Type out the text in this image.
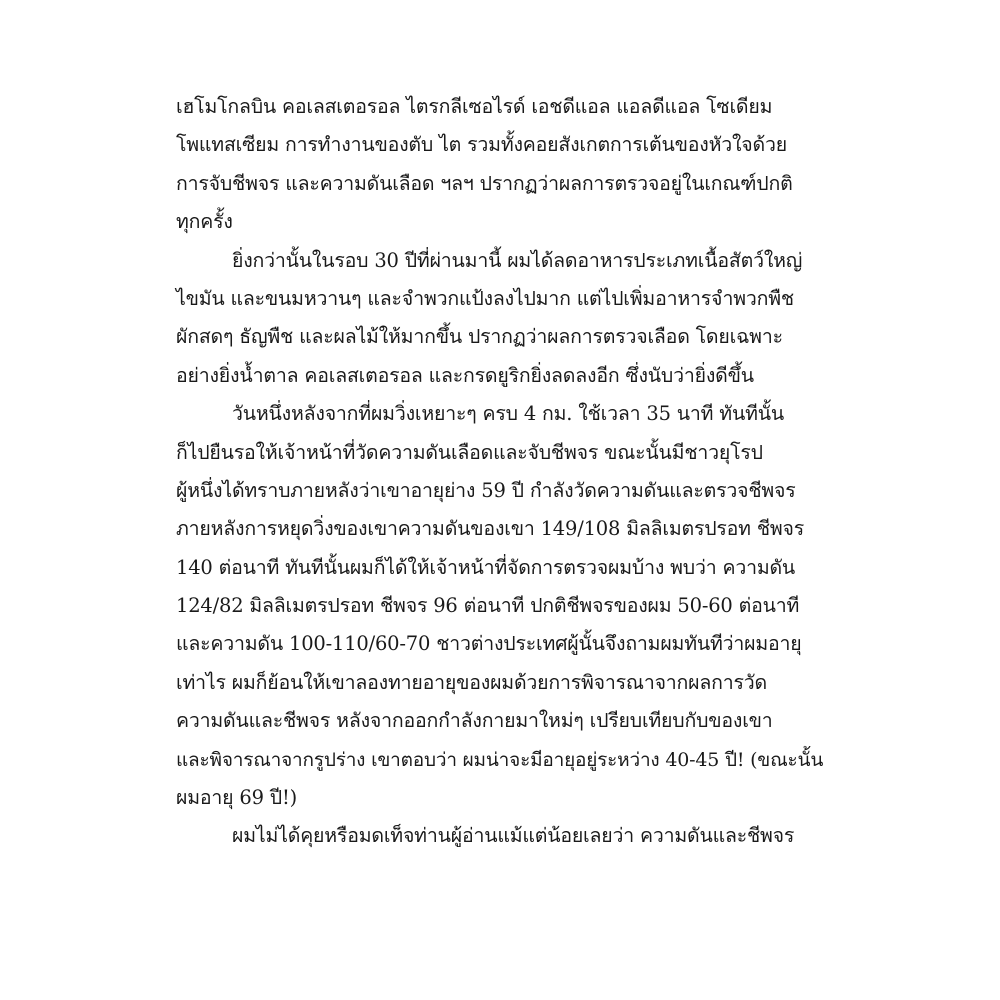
เฮโมโกลบิน คอเลสเตอรอล ไตรกลีเซอไรด์ เอชดีแอล แอลดีแอล โซเดียม
โพแทสเซียม การทำงานของตับ ไต รวมทั้งคอยสังเกตการเต้นของหัวใจด้วย
การจับชีพจร และความดันเลือด ฯลฯ ปรากฏว่าผลการตรวจอยู่ในเกณฑ์ปกติ
ทุกครั้ง
ยิ่งกว่านั้นในรอบ 30 ปีที่ผ่านมานี้ ผมได้ลดอาหารประเภทเนื้อสัตว์ใหญ่
ไขมัน และขนมหวานๆ และจำพวกแป้งลงไปมาก แต่ไปเพิ่มอาหารจำพวกพืช
ผักสดๆ ธัญพืช และผลไม้ให้มากขึ้น ปรากฏว่าผลการตรวจเลือด โดยเฉพาะ
อย่างยิ่งน้ำตาล คอเลสเตอรอล และกรดยูริกยิ่งลดลงอีก ซึ่งนับว่ายิ่งดีขึ้น
วันหนึ่งหลังจากที่ผมวิ่งเหยาะๆ ครบ 4 กม. ใช้เวลา 35 นาที ทันทีนั้น
ก็ไปยืนรอให้เจ้าหน้าที่วัดความดันเลือดและจับชีพจร ขณะนั้นมีชาวยุโรป
ผู้หนึ่งได้ทราบภายหลังว่าเขาอายุย่าง 59 ปี กำลังวัดความดันและตรวจชีพจร
ภายหลังการหยุดวิ่งของเขาความดันของเขา 149/108 มิลลิเมตรปรอท ชีพจร
140 ต่อนาที ทันทีนั้นผมก็ได้ให้เจ้าหน้าที่จัดการตรวจผมบ้าง พบว่า ความดัน
124/82 มิลลิเมตรปรอท ชีพจร 96 ต่อนาที ปกติชีพจรของผม 50-60 ต่อนาที
และความดัน 100-110/60-70 ชาวต่างประเทศผู้นั้นจึงถามผมทันทีว่าผมอายุ
เท่าไร ผมก็ย้อนให้เขาลองทายอายุของผมด้วยการพิจารณาจากผลการวัด
ความดันและชีพจร หลังจากออกกำลังกายมาใหม่ๆ เปรียบเทียบกับของเขา
และพิจารณาจากรูปร่าง เขาตอบว่า ผมน่าจะมีอายุอยู่ระหว่าง 40-45 ปี! (ขณะนั้น
ผมอายุ 69 ปี!)
ผมไม่ได้คุยหรือมดเท็จท่านผู้อ่านแม้แต่น้อยเลยว่า ความดันและชีพจร
